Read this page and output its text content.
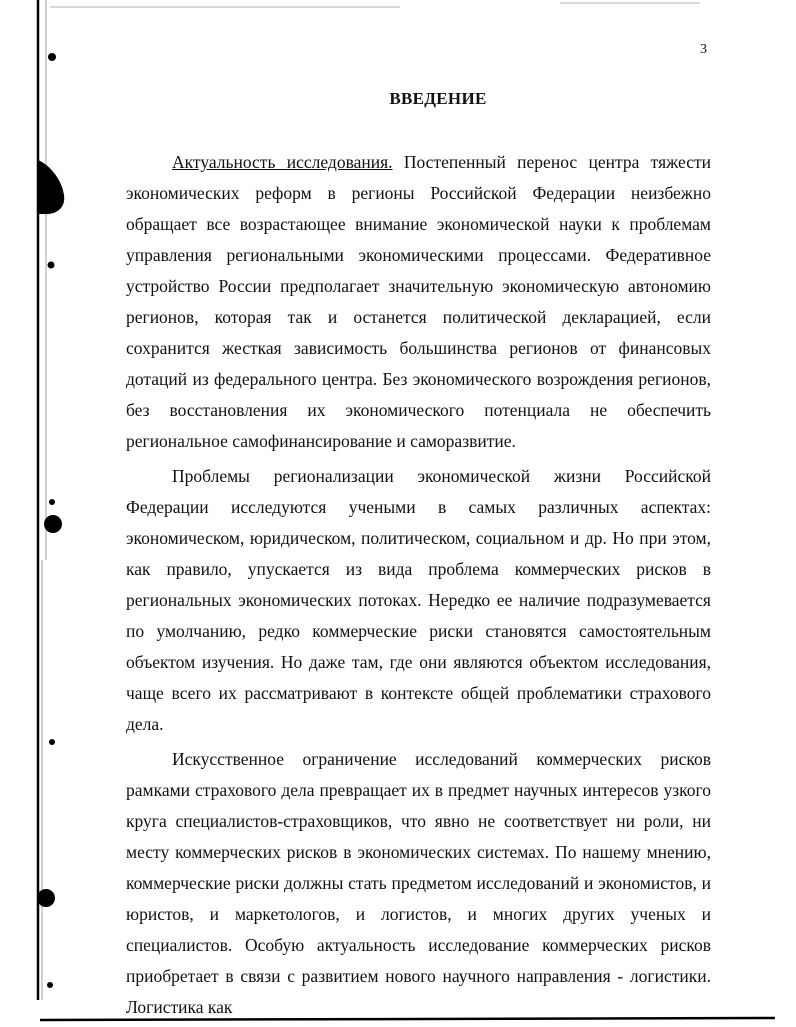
3
ВВЕДЕНИЕ

Актуальность исследования. Постепенный перенос центра тяжести экономических реформ в регионы Российской Федерации неизбежно обращает все возрастающее внимание экономической науки к проблемам управления региональными экономическими процессами. Федеративное устройство России предполагает значительную экономическую автономию регионов, которая так и останется политической декларацией, если сохранится жесткая зависимость большинства регионов от финансовых дотаций из федерального центра. Без экономического возрождения регионов, без восстановления их экономического потенциала не обеспечить региональное самофинансирование и саморазвитие.

Проблемы регионализации экономической жизни Российской Федерации исследуются учеными в самых различных аспектах: экономическом, юридическом, политическом, социальном и др. Но при этом, как правило, упускается из вида проблема коммерческих рисков в региональных экономических потоках. Нередко ее наличие подразумевается по умолчанию, редко коммерческие риски становятся самостоятельным объектом изучения. Но даже там, где они являются объектом исследования, чаще всего их рассматривают в контексте общей проблематики страхового дела.

Искусственное ограничение исследований коммерческих рисков рамками страхового дела превращает их в предмет научных интересов узкого круга специалистов-страховщиков, что явно не соответствует ни роли, ни месту коммерческих рисков в экономических системах. По нашему мнению, коммерческие риски должны стать предметом исследований и экономистов, и юристов, и маркетологов, и логистов, и многих других ученых и специалистов. Особую актуальность исследование коммерческих рисков приобретает в связи с развитием нового научного направления - логистики. Логистика как
